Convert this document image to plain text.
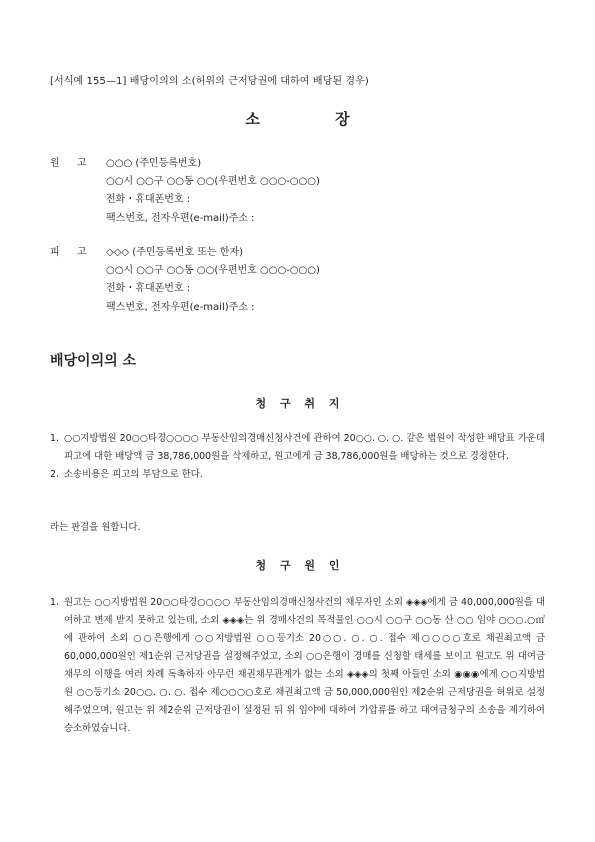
[서식예 155—1] 배당이의의 소(허위의 근저당권에 대하여 배당된 경우)
소 장
원 고	○○○ (주민등록번호)
○○시 ○○구 ○○동 ○○(우편번호 ○○○-○○○)
전화・휴대폰번호 :
팩스번호, 전자우편(e-mail)주소 :
피 고	◇◇◇ (주민등록번호 또는 한자)
○○시 ○○구 ○○동 ○○(우편번호 ○○○-○○○)
전화・휴대폰번호 :
팩스번호, 전자우편(e-mail)주소 :
배당이의의 소
청 구 취 지
1. ○○지방법원 20○○타경○○○○ 부동산임의경매신청사건에 관하여 20○○. ○. ○. 같은 법원이 작성한 배당표 가운데 피고에 대한 배당액 금 38,786,000원을 삭제하고, 원고에게 금 38,786,000원을 배당하는 것으로 경정한다.
2. 소송비용은 피고의 부담으로 한다.
라는 판결을 원합니다.
청 구 원 인
1. 원고는 ○○지방법원 20○○타경○○○○ 부동산임의경매신청사건의 채무자인 소외 ◈◈◈에게 금 40,000,000원을 대여하고 변제 받지 못하고 있는데, 소외 ◈◈◈는 위 경매사건의 목적물인 ○○시 ○○구 ○○동 산 ○○ 임야 ○○○.○㎡에 관하여 소외 ○○은행에게 ○○지방법원 ○○등기소 20○○. ○. ○. 접수 제○○○○호로 채권최고액 금 60,000,000원인 제1순위 근저당권을 설정해주었고, 소외 ○○은행이 경매를 신청할 태세를 보이고 원고도 위 대여금채무의 이행을 여러 차례 독촉하자 아무런 채권채무관계가 없는 소외 ◈◈◈의 첫째 아들인 소외 ◉◉◉에게 ○○지방법원 ○○등기소 20○○. ○. ○. 접수 제○○○○호로 채권최고액 금 50,000,000원인 제2순위 근저당권을 허위로 설정해주었으며, 원고는 위 제2순위 근저당권이 설정된 뒤 위 임야에 대하여 가압류를 하고 대여금청구의 소송을 제기하여 승소하였습니다.
